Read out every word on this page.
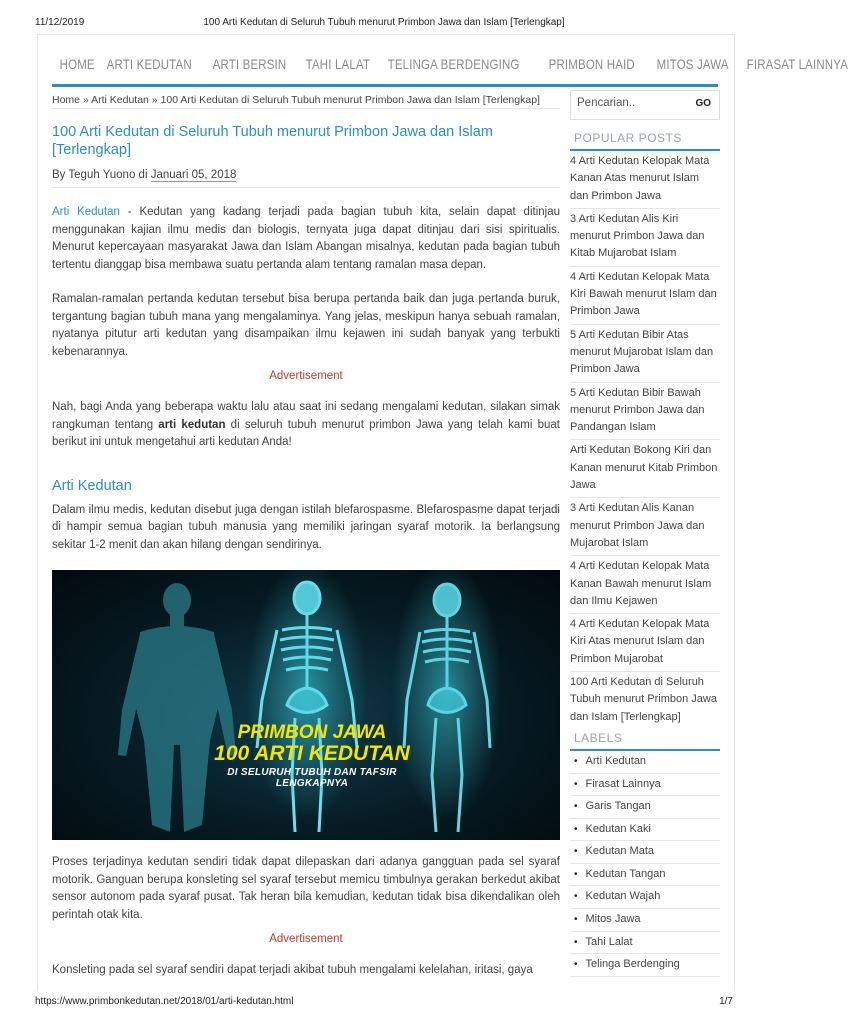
11/12/2019	100 Arti Kedutan di Seluruh Tubuh menurut Primbon Jawa dan Islam [Terlengkap]
HOME ARTI KEDUTAN	ARTI BERSIN	TAHI LALAT	TELINGA BERDENGING	PRIMBON HAID	MITOS JAWA	FIRASAT LAINNYA
Home » Arti Kedutan » 100 Arti Kedutan di Seluruh Tubuh menurut Primbon Jawa dan Islam [Terlengkap]
100 Arti Kedutan di Seluruh Tubuh menurut Primbon Jawa dan Islam [Terlengkap]
By Teguh Yuono di Januari 05, 2018

Arti Kedutan - Kedutan yang kadang terjadi pada bagian tubuh kita, selain dapat ditinjau menggunakan kajian ilmu medis dan biologis, ternyata juga dapat ditinjau dari sisi spiritualis. Menurut kepercayaan masyarakat Jawa dan Islam Abangan misalnya, kedutan pada bagian tubuh tertentu dianggap bisa membawa suatu pertanda alam tentang ramalan masa depan.

Ramalan-ramalan pertanda kedutan tersebut bisa berupa pertanda baik dan juga pertanda buruk, tergantung bagian tubuh mana yang mengalaminya. Yang jelas, meskipun hanya sebuah ramalan, nyatanya pitutur arti kedutan yang disampaikan ilmu kejawen ini sudah banyak yang terbukti kebenarannya.

Advertisement

Nah, bagi Anda yang beberapa waktu lalu atau saat ini sedang mengalami kedutan, silakan simak rangkuman tentang arti kedutan di seluruh tubuh menurut primbon Jawa yang telah kami buat berikut ini untuk mengetahui arti kedutan Anda!

Arti Kedutan

Dalam ilmu medis, kedutan disebut juga dengan istilah blefarospasme. Blefarospasme dapat terjadi di hampir semua bagian tubuh manusia yang memiliki jaringan syaraf motorik. Ia berlangsung sekitar 1-2 menit dan akan hilang dengan sendirinya.

PRIMBON JAWA
100 ARTI KEDUTAN
DI SELURUH TUBUH DAN TAFSIR LENGKAPNYA

Proses terjadinya kedutan sendiri tidak dapat dilepaskan dari adanya gangguan pada sel syaraf motorik. Ganguan berupa konsleting sel syaraf tersebut memicu timbulnya gerakan berkedut akibat sensor autonom pada syaraf pusat. Tak heran bila kemudian, kedutan tidak bisa dikendalikan oleh perintah otak kita.

Advertisement

Konsleting pada sel syaraf sendiri dapat terjadi akibat tubuh mengalami kelelahan, iritasi, gaya

Pencarian..	GO
POPULAR POSTS
4 Arti Kedutan Kelopak Mata Kanan Atas menurut Islam dan Primbon Jawa
3 Arti Kedutan Alis Kiri menurut Primbon Jawa dan Kitab Mujarobat Islam
4 Arti Kedutan Kelopak Mata Kiri Bawah menurut Islam dan Primbon Jawa
5 Arti Kedutan Bibir Atas menurut Mujarobat Islam dan Primbon Jawa
5 Arti Kedutan Bibir Bawah menurut Primbon Jawa dan Pandangan Islam
Arti Kedutan Bokong Kiri dan Kanan menurut Kitab Primbon Jawa
3 Arti Kedutan Alis Kanan menurut Primbon Jawa dan Mujarobat Islam
4 Arti Kedutan Kelopak Mata Kanan Bawah menurut Islam dan Ilmu Kejawen
4 Arti Kedutan Kelopak Mata Kiri Atas menurut Islam dan Primbon Mujarobat
100 Arti Kedutan di Seluruh Tubuh menurut Primbon Jawa dan Islam [Terlengkap]
LABELS
• Arti Kedutan
• Firasat Lainnya
• Garis Tangan
• Kedutan Kaki
• Kedutan Mata
• Kedutan Tangan
• Kedutan Wajah
• Mitos Jawa
• Tahi Lalat
• Telinga Berdenging
https://www.primbonkedutan.net/2018/01/arti-kedutan.html	1/7
